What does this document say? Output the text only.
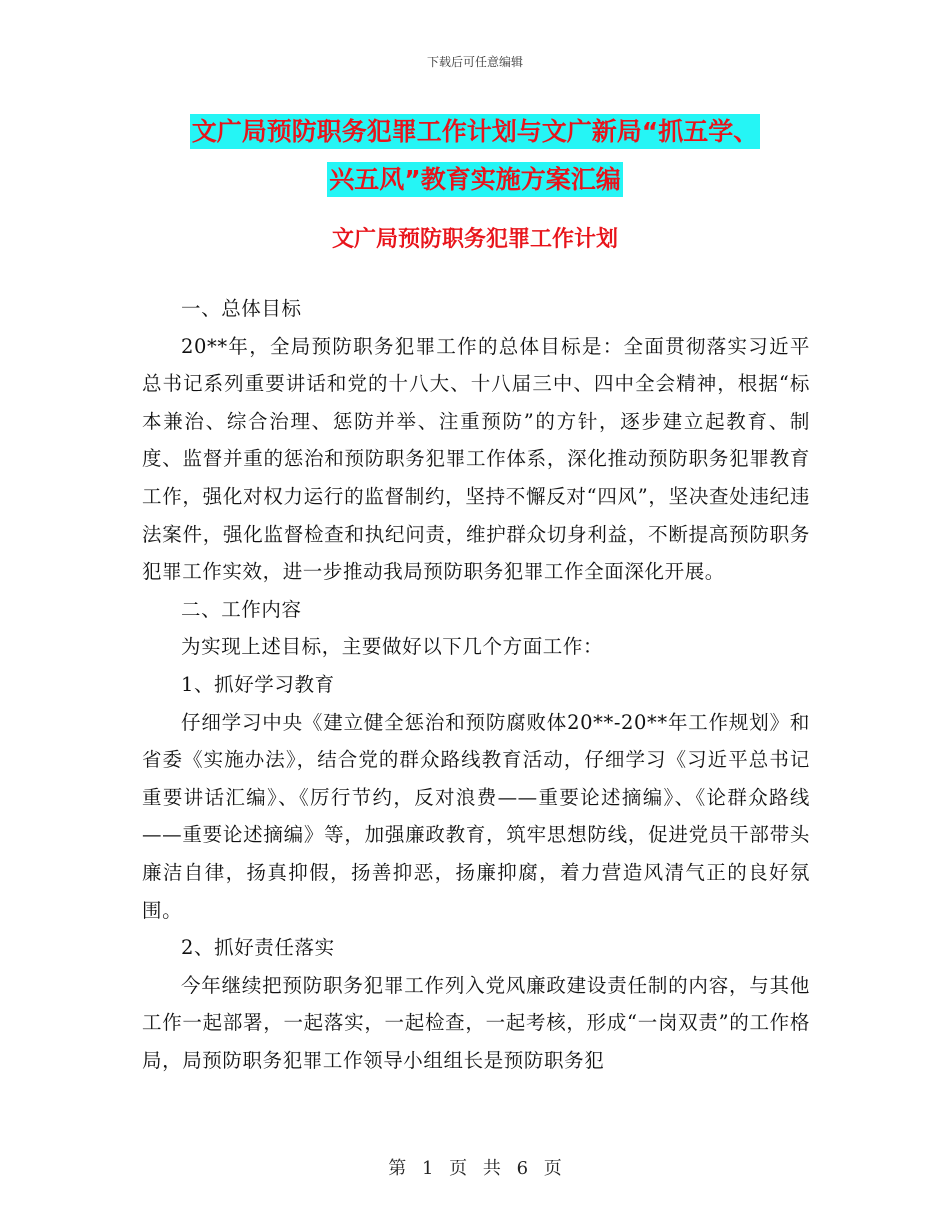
下载后可任意编辑
文广局预防职务犯罪工作计划与文广新局“抓五学、
兴五风”教育实施方案汇编
文广局预防职务犯罪工作计划

一、总体目标

20**年，全局预防职务犯罪工作的总体目标是：全面贯彻落实习近平总书记系列重要讲话和党的十八大、十八届三中、四中全会精神，根据“标本兼治、综合治理、惩防并举、注重预防”的方针，逐步建立起教育、制度、监督并重的惩治和预防职务犯罪工作体系，深化推动预防职务犯罪教育工作，强化对权力运行的监督制约，坚持不懈反对“四风”，坚决查处违纪违法案件，强化监督检查和执纪问责，维护群众切身利益，不断提高预防职务犯罪工作实效，进一步推动我局预防职务犯罪工作全面深化开展。

二、工作内容

为实现上述目标，主要做好以下几个方面工作：

1、抓好学习教育

仔细学习中央《建立健全惩治和预防腐败体20**-20**年工作规划》和省委《实施办法》，结合党的群众路线教育活动，仔细学习《习近平总书记重要讲话汇编》、《厉行节约，反对浪费——重要论述摘编》、《论群众路线——重要论述摘编》等，加强廉政教育，筑牢思想防线，促进党员干部带头廉洁自律，扬真抑假，扬善抑恶，扬廉抑腐，着力营造风清气正的良好氛围。

2、抓好责任落实

今年继续把预防职务犯罪工作列入党风廉政建设责任制的内容，与其他工作一起部署，一起落实，一起检查，一起考核，形成“一岗双责”的工作格局，局预防职务犯罪工作领导小组组长是预防职务犯

第 1 页 共 6 页
